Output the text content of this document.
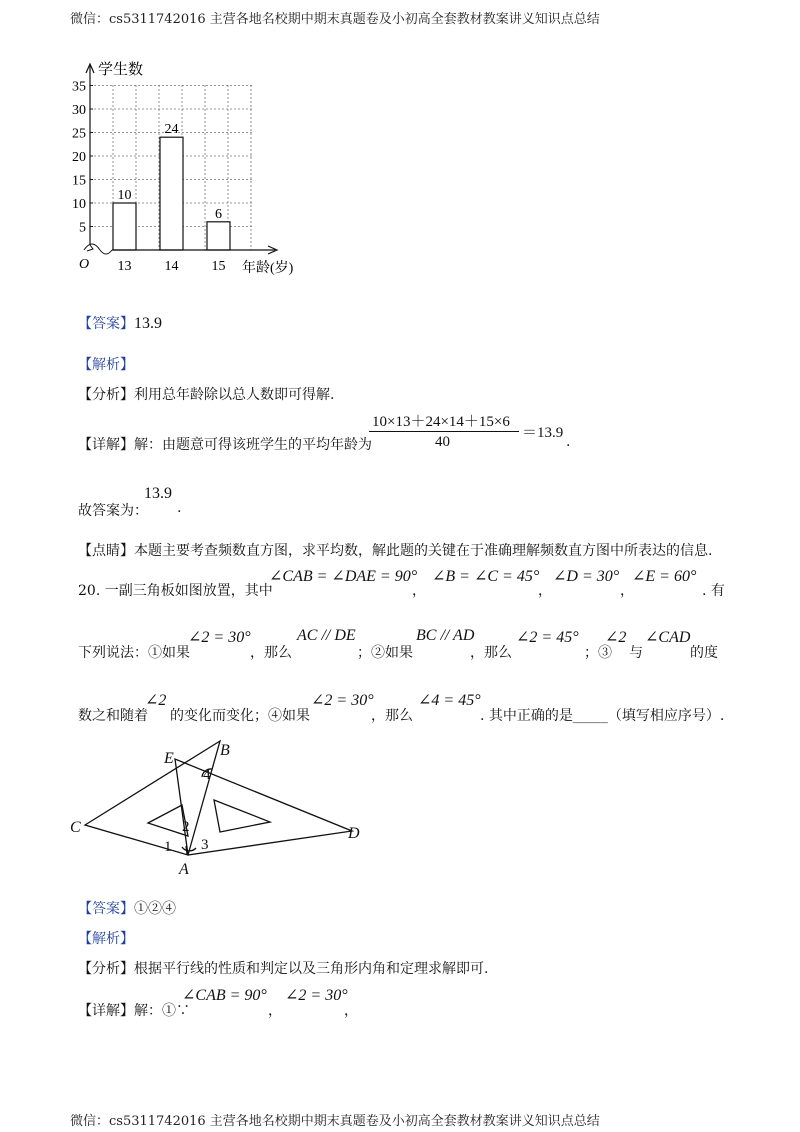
微信：cs5311742016 主营各地名校期中期末真题卷及小初高全套教材教案讲义知识点总结
10
24
6
13 14 15
5
10
15
20
25
30
35
学生数
年龄(岁)
O
【答案】13.9
【解析】
【分析】利用总年龄除以总人数即可得解.
【详解】解：由题意可得该班学生的平均年龄为
10×13＋24×14＋15×6
40
＝13.9
.
故答案为：
13.9
.
【点睛】本题主要考查频数直方图，求平均数，解此题的关键在于准确理解频数直方图中所表达的信息.
20. 一副三角板如图放置，其中
∠CAB = ∠DAE = 90°
，
∠B = ∠C = 45°
，
∠D = 30°
，
∠E = 60°
. 有
下列说法：①如果
∠2 = 30°
，那么
AC // DE
；②如果
BC // AD
，那么
∠2 = 45°
；③
∠2
与
∠CAD
的度
数之和随着
∠2
的变化而变化；④如果
∠2 = 30°
，那么
∠4 = 45°
. 其中正确的是_____（填写相应序号）.
E	B
C	D
A
1
2
3
4
【答案】①②④
【解析】
【分析】根据平行线的性质和判定以及三角形内角和定理求解即可.
【详解】解：①∵
∠CAB = 90°
，
∠2 = 30°
，
微信：cs5311742016 主营各地名校期中期末真题卷及小初高全套教材教案讲义知识点总结
